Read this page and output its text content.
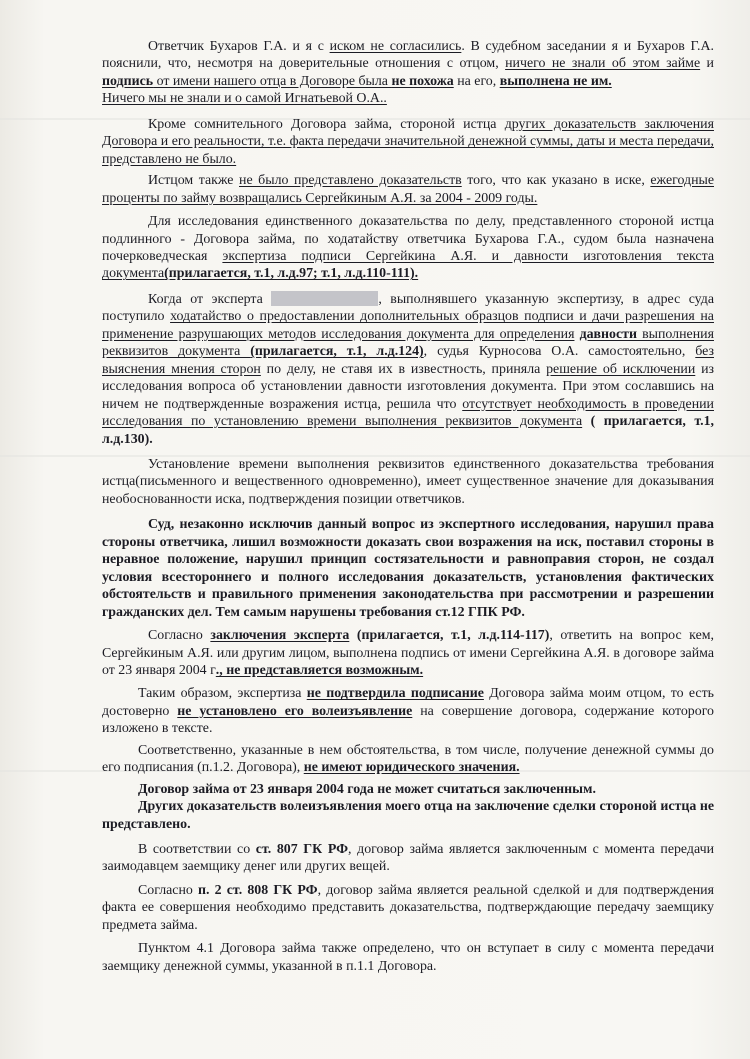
Ответчик Бухаров Г.А. и я с иском не согласились. В судебном заседании я и Бухаров Г.А. пояснили, что, несмотря на доверительные отношения с отцом, ничего не знали об этом займе и подпись от имени нашего отца в Договоре была не похожа на его, выполнена не им.
Ничего мы не знали и о самой Игнатьевой О.А..

Кроме сомнительного Договора займа, стороной истца других доказательств заключения Договора и его реальности, т.е. факта передачи значительной денежной суммы, даты и места передачи, представлено не было.

Истцом также не было представлено доказательств того, что как указано в иске, ежегодные проценты по займу возвращались Сергейкиным А.Я. за 2004 - 2009 годы.

Для исследования единственного доказательства по делу, представленного стороной истца подлинного - Договора займа, по ходатайству ответчика Бухарова Г.А., судом была назначена почерковедческая экспертиза подписи Сергейкина А.Я. и давности изготовления текста документа(прилагается, т.1, л.д.97; т.1, л.д.110-111).

Когда от эксперта	, выполнявшего указанную экспертизу, в адрес суда поступило ходатайство о предоставлении дополнительных образцов подписи и дачи разрешения на применение разрушающих методов исследования документа для определения давности выполнения реквизитов документа (прилагается, т.1, л.д.124), судья Курносова О.А. самостоятельно, без выяснения мнения сторон по делу, не ставя их в известность, приняла решение об исключении из исследования вопроса об установлении давности изготовления документа. При этом сославшись на ничем не подтвержденные возражения истца, решила что отсутствует необходимость в проведении исследования по установлению времени выполнения реквизитов документа ( прилагается, т.1, л.д.130).

Установление времени выполнения реквизитов единственного доказательства требования истца(письменного и вещественного одновременно), имеет существенное значение для доказывания необоснованности иска, подтверждения позиции ответчиков.

Суд, незаконно исключив данный вопрос из экспертного исследования, нарушил права стороны ответчика, лишил возможности доказать свои возражения на иск, поставил стороны в неравное положение, нарушил принцип состязательности и равноправия сторон, не создал условия всестороннего и полного исследования доказательств, установления фактических обстоятельств и правильного применения законодательства при рассмотрении и разрешении гражданских дел. Тем самым нарушены требования ст.12 ГПК РФ.

Согласно заключения эксперта (прилагается, т.1, л.д.114-117), ответить на вопрос кем, Сергейкиным А.Я. или другим лицом, выполнена подпись от имени Сергейкина А.Я. в договоре займа от 23 января 2004 г., не представляется возможным.

Таким образом, экспертиза не подтвердила подписание Договора займа моим отцом, то есть достоверно не установлено его волеизъявление на совершение договора, содержание которого изложено в тексте.

Соответственно, указанные в нем обстоятельства, в том числе, получение денежной суммы до его подписания (п.1.2. Договора), не имеют юридического значения.

Договор займа от 23 января 2004 года не может считаться заключенным.

Других доказательств волеизъявления моего отца на заключение сделки стороной истца не представлено.

В соответствии со ст. 807 ГК РФ, договор займа является заключенным с момента передачи заимодавцем заемщику денег или других вещей.

Согласно п. 2 ст. 808 ГК РФ, договор займа является реальной сделкой и для подтверждения факта ее совершения необходимо представить доказательства, подтверждающие передачу заемщику предмета займа.

Пунктом 4.1 Договора займа также определено, что он вступает в силу с момента передачи заемщику денежной суммы, указанной в п.1.1 Договора.
